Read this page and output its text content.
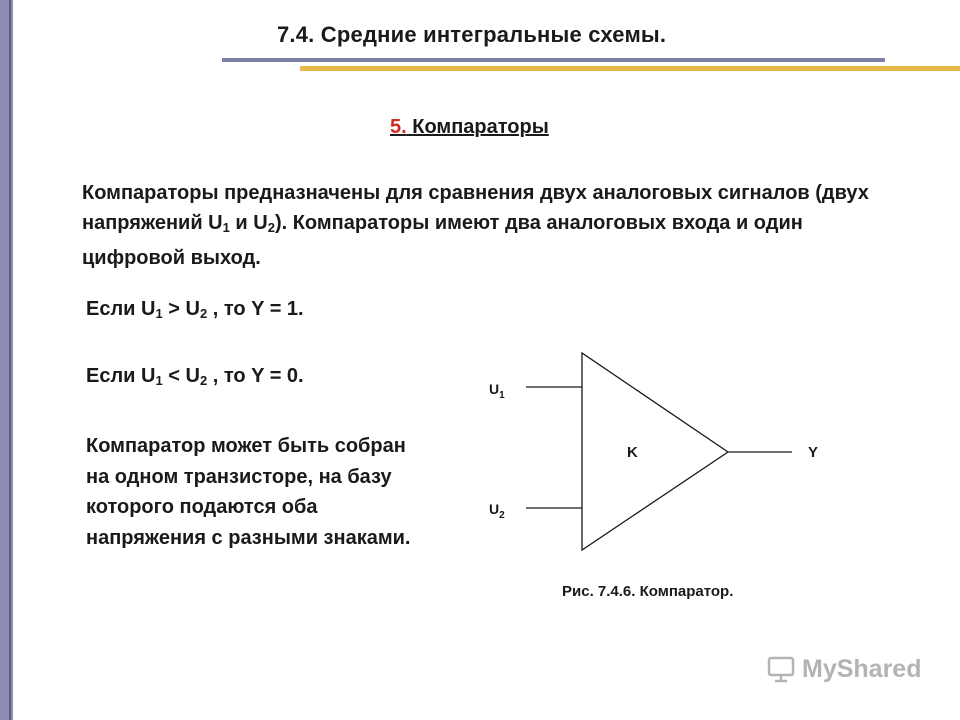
7.4. Средние интегральные схемы.
5. Компараторы
Компараторы предназначены для сравнения двух аналоговых сигналов (двух напряжений $U_1$ и $U_2$). Компараторы имеют два аналоговых входа и один цифровой выход.
Если $U_1 > U_2$ , то Y = 1.
Если $U_1 < U_2$ , то Y = 0.
Компаратор может быть собран на одном транзисторе, на базу которого подаются оба напряжения с разными знаками.
$U_1$
$U_2$
K	Y
Рис. 7.4.6. Компаратор.
MyShared
